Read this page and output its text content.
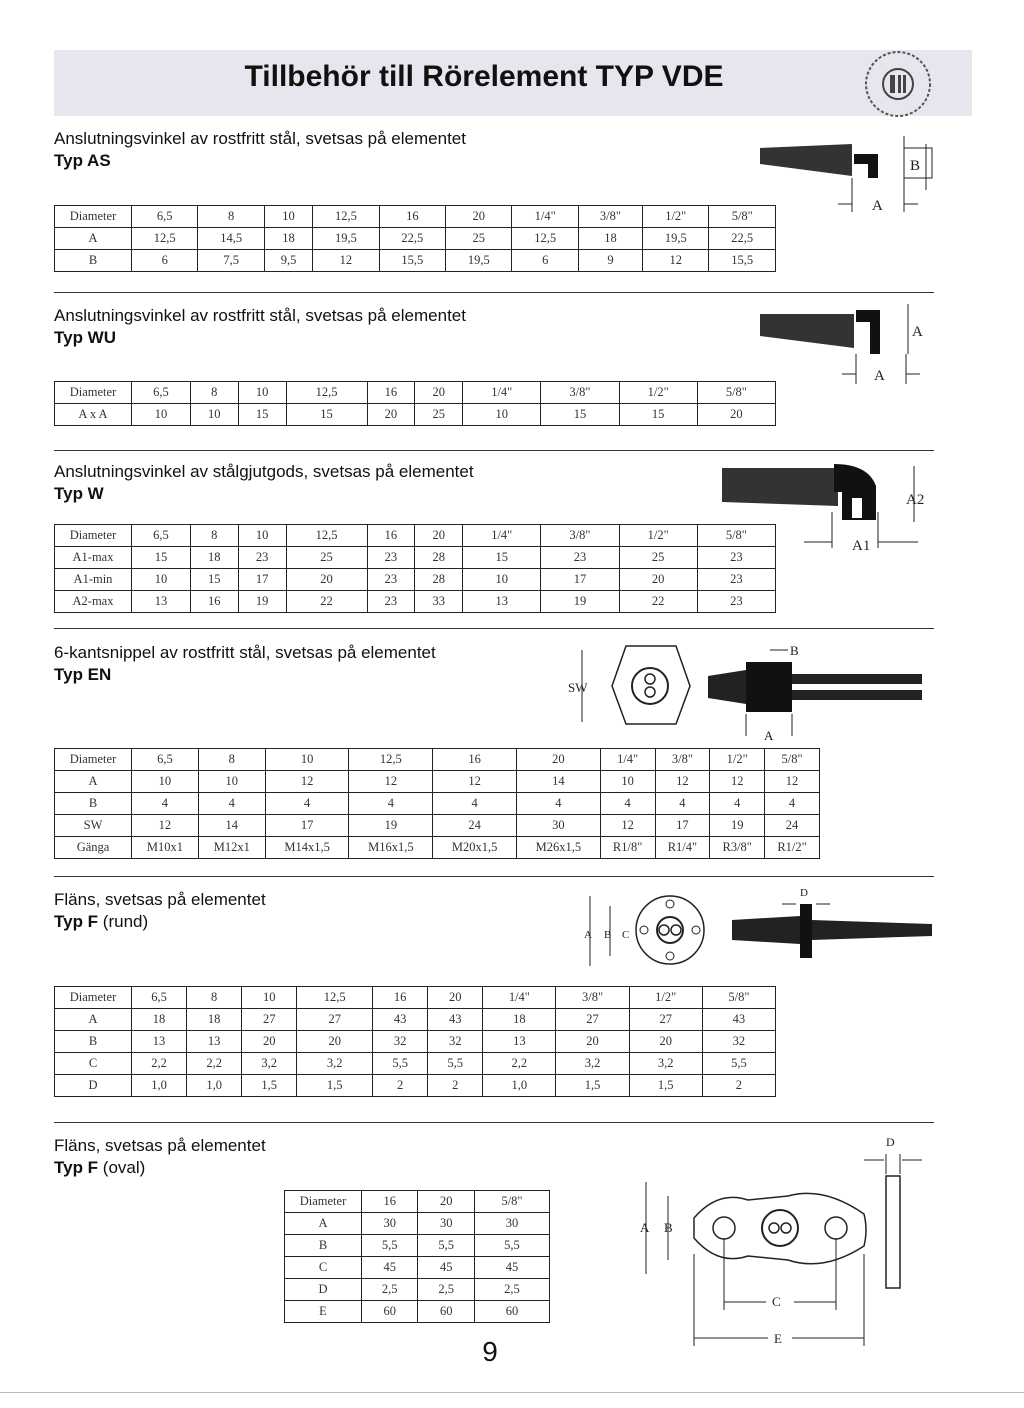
Tillbehör till Rörelement TYP VDE
Anslutningsvinkel av rostfritt stål, svetsas på elementet
Typ AS
Diameter	6,5	8	10	12,5	16	20	1/4"	3/8"	1/2"	5/8"
A	12,5	14,5	18	19,5	22,5	25	12,5	18	19,5	22,5
B	6	7,5	9,5	12	15,5	19,5	6	9	12	15,5
B
A
Anslutningsvinkel av rostfritt stål, svetsas på elementet
Typ WU
Diameter	6,5	8	10	12,5	16	20	1/4"	3/8"	1/2"	5/8"
A x A	10	10	15	15	20	25	10	15	15	20
A
A
Anslutningsvinkel av stålgjutgods, svetsas på elementet
Typ W
Diameter	6,5	8	10	12,5	16	20	1/4"	3/8"	1/2"	5/8"
A1-max	15	18	23	25	23	28	15	23	25	23
A1-min	10	15	17	20	23	28	10	17	20	23
A2-max	13	16	19	22	23	33	13	19	22	23
A2
A1
6-kantsnippel av rostfritt stål, svetsas på elementet
Typ EN
Diameter	6,5	8	10	12,5	16	20	1/4"	3/8"	1/2"	5/8"
A	10	10	12	12	12	14	10	12	12	12
B	4	4	4	4	4	4	4	4	4	4
SW	12	14	17	19	24	30	12	17	19	24
Gänga	M10x1	M12x1	M14x1,5	M16x1,5	M20x1,5	M26x1,5	R1/8"	R1/4"	R3/8"	R1/2"
SW
B
A
Fläns, svetsas på elementet
Typ F (rund)
Diameter	6,5	8	10	12,5	16	20	1/4"	3/8"	1/2"	5/8"
A	18	18	27	27	43	43	18	27	27	43
B	13	13	20	20	32	32	13	20	20	32
C	2,2	2,2	3,2	3,2	5,5	5,5	2,2	3,2	3,2	5,5
D	1,0	1,0	1,5	1,5	2	2	1,0	1,5	1,5	2
A B C
D
Fläns, svetsas på elementet
Typ F (oval)
Diameter	16	20	5/8"
A	30	30	30
B	5,5	5,5	5,5
C	45	45	45
D	2,5	2,5	2,5
E	60	60	60
A B
C
E
D
9
